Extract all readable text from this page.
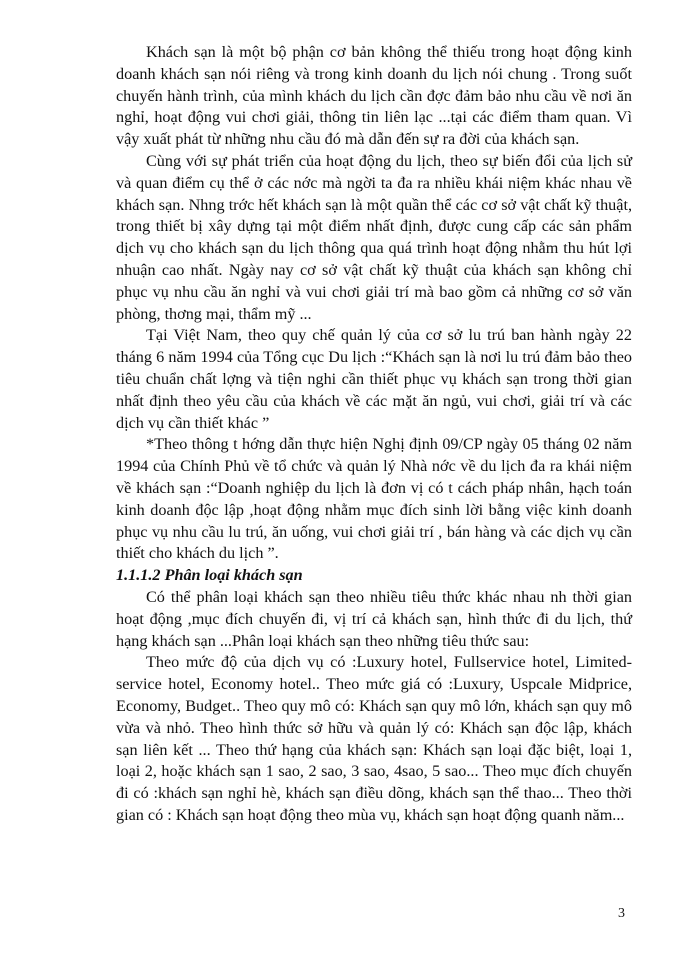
Khách sạn là một bộ phận cơ bản không thể thiếu trong hoạt động kinh doanh khách sạn nói riêng và trong kinh doanh du lịch nói chung . Trong suốt chuyến hành trình, của mình khách du lịch cần đợc đảm bảo nhu cầu về nơi ăn nghỉ, hoạt động vui chơi giải, thông tin liên lạc ...tại các điểm tham quan. Vì vậy xuất phát từ những nhu cầu đó mà dẫn đến sự ra đời của khách sạn.

Cùng với sự phát triển của hoạt động du lịch, theo sự biến đổi của lịch sử và quan điểm cụ thể ở các nớc mà ngời ta đa ra nhiều khái niệm khác nhau về khách sạn. Nhng trớc hết khách sạn là một quần thể các cơ sở vật chất kỹ thuật, trong thiết bị xây dựng tại một điểm nhất định, được cung cấp các sản phẩm dịch vụ cho khách sạn du lịch thông qua quá trình hoạt động nhằm thu hút lợi nhuận cao nhất. Ngày nay cơ sở vật chất kỹ thuật của khách sạn không chỉ phục vụ nhu cầu ăn nghỉ và vui chơi giải trí mà bao gồm cả những cơ sở văn phòng, thơng mại, thẩm mỹ ...

Tại Việt Nam, theo quy chế quản lý của cơ sở lu trú ban hành ngày 22 tháng 6 năm 1994 của Tổng cục Du lịch :“Khách sạn là nơi lu trú đảm bảo theo tiêu chuẩn chất lợng và tiện nghi cần thiết phục vụ khách sạn trong thời gian nhất định theo yêu cầu của khách về các mặt ăn ngủ, vui chơi, giải trí và các dịch vụ cần thiết khác ”

*Theo thông t hớng dẫn thực hiện Nghị định 09/CP ngày 05 tháng 02 năm 1994 của Chính Phủ về tổ chức và quản lý Nhà nớc về du lịch đa ra khái niệm về khách sạn :“Doanh nghiệp du lịch là đơn vị có t cách pháp nhân, hạch toán kinh doanh độc lập ,hoạt động nhằm mục đích sinh lời bằng việc kinh doanh phục vụ nhu cầu lu trú, ăn uống, vui chơi giải trí , bán hàng và các dịch vụ cần thiết cho khách du lịch ”.

1.1.1.2 Phân loại khách sạn

Có thể phân loại khách sạn theo nhiều tiêu thức khác nhau nh thời gian hoạt động ,mục đích chuyến đi, vị trí cả khách sạn, hình thức đi du lịch, thứ hạng khách sạn ...Phân loại khách sạn theo những tiêu thức sau:

Theo mức độ của dịch vụ có :Luxury hotel, Fullservice hotel, Limited-service hotel, Economy hotel.. Theo mức giá có :Luxury, Uspcale Midprice, Economy, Budget.. Theo quy mô có: Khách sạn quy mô lớn, khách sạn quy mô vừa và nhỏ. Theo hình thức sở hữu và quản lý có: Khách sạn độc lập, khách sạn liên kết ... Theo thứ hạng của khách sạn: Khách sạn loại đặc biệt, loại 1, loại 2, hoặc khách sạn 1 sao, 2 sao, 3 sao, 4sao, 5 sao... Theo mục đích chuyến đi có :khách sạn nghỉ hè, khách sạn điều dõng, khách sạn thể thao... Theo thời gian có : Khách sạn hoạt động theo mùa vụ, khách sạn hoạt động quanh năm...

3
